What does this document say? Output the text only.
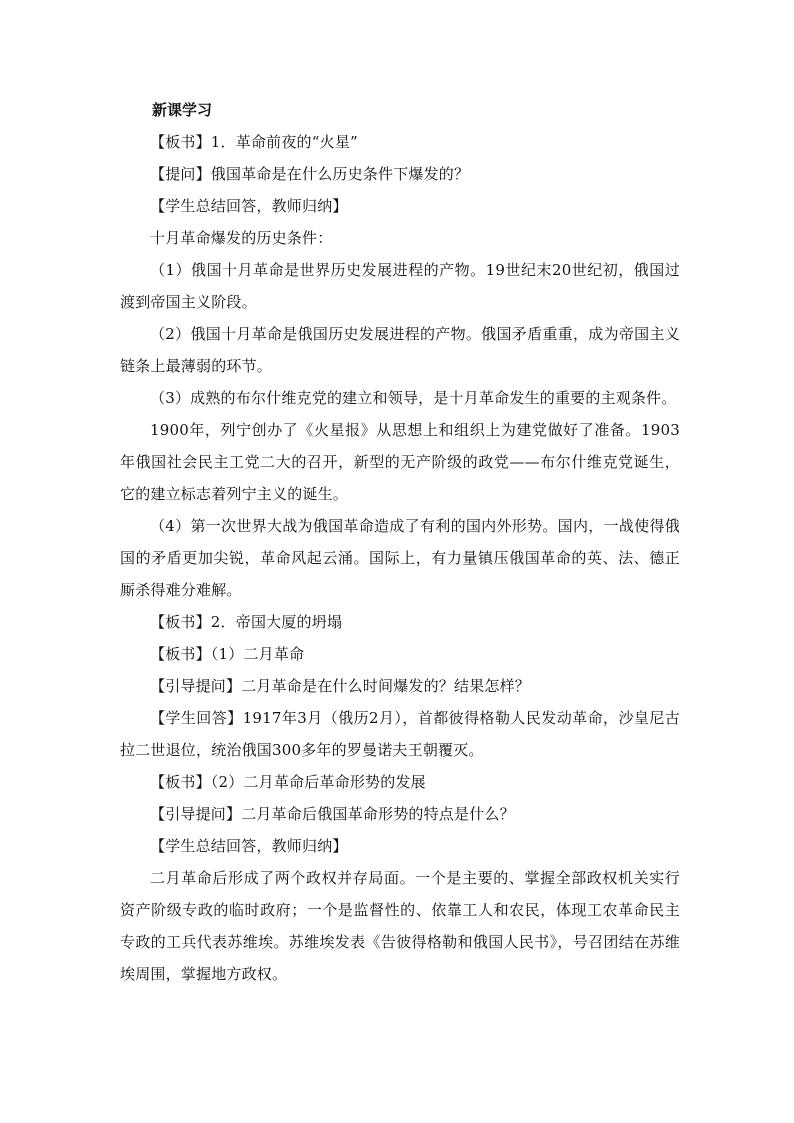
新课学习

【板书】1．革命前夜的“火星”

【提问】俄国革命是在什么历史条件下爆发的？

【学生总结回答，教师归纳】

十月革命爆发的历史条件：

（1）俄国十月革命是世界历史发展进程的产物。19世纪末20世纪初，俄国过渡到帝国主义阶段。

（2）俄国十月革命是俄国历史发展进程的产物。俄国矛盾重重，成为帝国主义链条上最薄弱的环节。

（3）成熟的布尔什维克党的建立和领导，是十月革命发生的重要的主观条件。

1900年，列宁创办了《火星报》从思想上和组织上为建党做好了准备。1903年俄国社会民主工党二大的召开，新型的无产阶级的政党——布尔什维克党诞生，它的建立标志着列宁主义的诞生。

（4）第一次世界大战为俄国革命造成了有利的国内外形势。国内，一战使得俄国的矛盾更加尖锐，革命风起云涌。国际上，有力量镇压俄国革命的英、法、德正厮杀得难分难解。

【板书】2．帝国大厦的坍塌

【板书】（1）二月革命

【引导提问】二月革命是在什么时间爆发的？结果怎样？

【学生回答】1917年3月（俄历2月），首都彼得格勒人民发动革命，沙皇尼古拉二世退位，统治俄国300多年的罗曼诺夫王朝覆灭。

【板书】（2）二月革命后革命形势的发展

【引导提问】二月革命后俄国革命形势的特点是什么？

【学生总结回答，教师归纳】

二月革命后形成了两个政权并存局面。一个是主要的、掌握全部政权机关实行资产阶级专政的临时政府；一个是监督性的、依靠工人和农民，体现工农革命民主专政的工兵代表苏维埃。苏维埃发表《告彼得格勒和俄国人民书》，号召团结在苏维埃周围，掌握地方政权。
